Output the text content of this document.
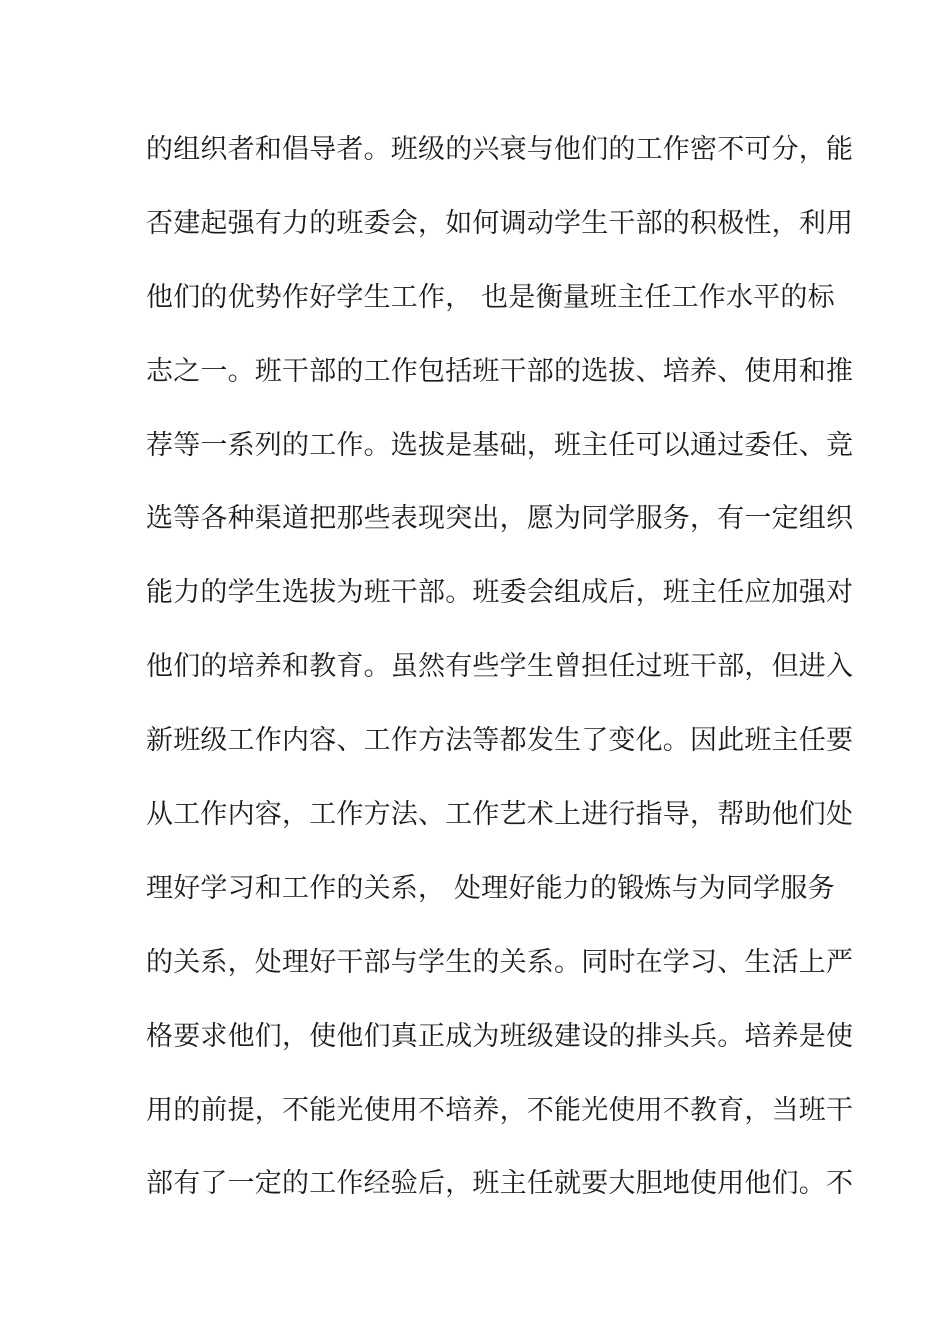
的组织者和倡导者。班级的兴衰与他们的工作密不可分，能
否建起强有力的班委会，如何调动学生干部的积极性，利用
他们的优势作好学生工作， 也是衡量班主任工作水平的标
志之一。班干部的工作包括班干部的选拔、培养、使用和推
荐等一系列的工作。选拔是基础，班主任可以通过委任、竞
选等各种渠道把那些表现突出，愿为同学服务，有一定组织
能力的学生选拔为班干部。班委会组成后，班主任应加强对
他们的培养和教育。虽然有些学生曾担任过班干部，但进入
新班级工作内容、工作方法等都发生了变化。因此班主任要
从工作内容，工作方法、工作艺术上进行指导，帮助他们处
理好学习和工作的关系， 处理好能力的锻炼与为同学服务
的关系，处理好干部与学生的关系。同时在学习、生活上严
格要求他们，使他们真正成为班级建设的排头兵。培养是使
用的前提，不能光使用不培养，不能光使用不教育，当班干
部有了一定的工作经验后，班主任就要大胆地使用他们。不
